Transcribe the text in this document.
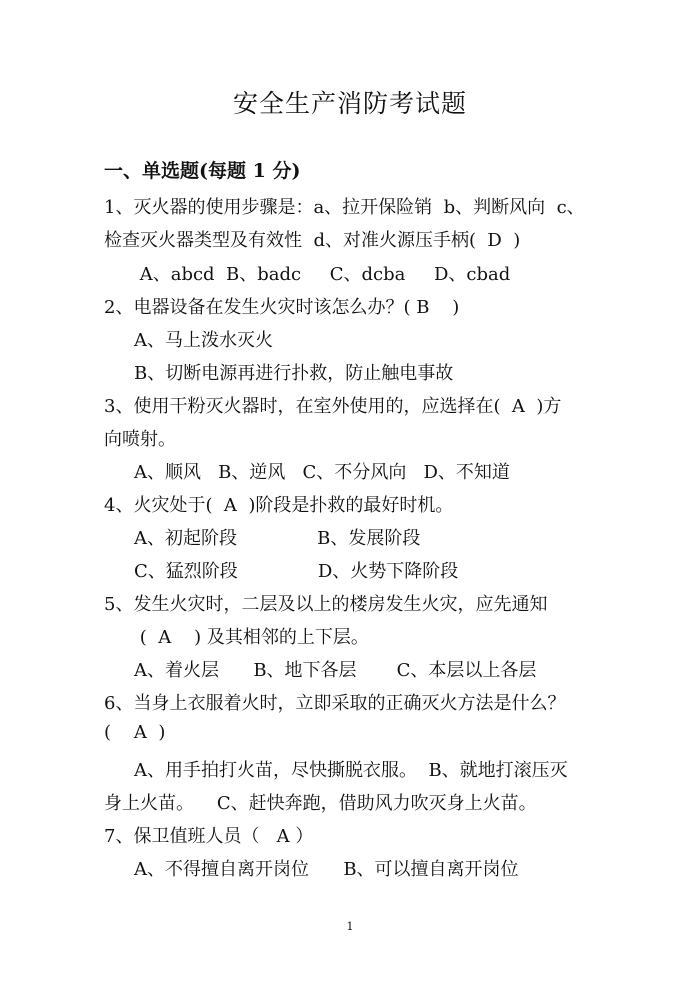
安全生产消防考试题
一、单选题(每题 1 分)
1、灭火器的使用步骤是：a、拉开保险销  b、判断风向  c、
检查灭火器类型及有效性  d、对准火源压手柄(  D  )
A、abcd  B、badc     C、dcba     D、cbad
2、电器设备在发生火灾时该怎么办？( B    )
A、马上泼水灭火
B、切断电源再进行扑救，防止触电事故
3、使用干粉灭火器时，在室外使用的，应选择在(  A  )方
向喷射。
A、顺风   B、逆风   C、不分风向   D、不知道
4、火灾处于(  A  )阶段是扑救的最好时机。
A、初起阶段              B、发展阶段
C、猛烈阶段              D、火势下降阶段
5、发生火灾时，二层及以上的楼房发生火灾，应先通知
(  A    ) 及其相邻的上下层。
A、着火层      B、地下各层       C、本层以上各层
6、当身上衣服着火时，立即采取的正确灭火方法是什么？
(    A  )
A、用手拍打火苗，尽快撕脱衣服。  B、就地打滚压灭
身上火苗。    C、赶快奔跑，借助风力吹灭身上火苗。
7、保卫值班人员（   A ）
A、不得擅自离开岗位      B、可以擅自离开岗位
1
